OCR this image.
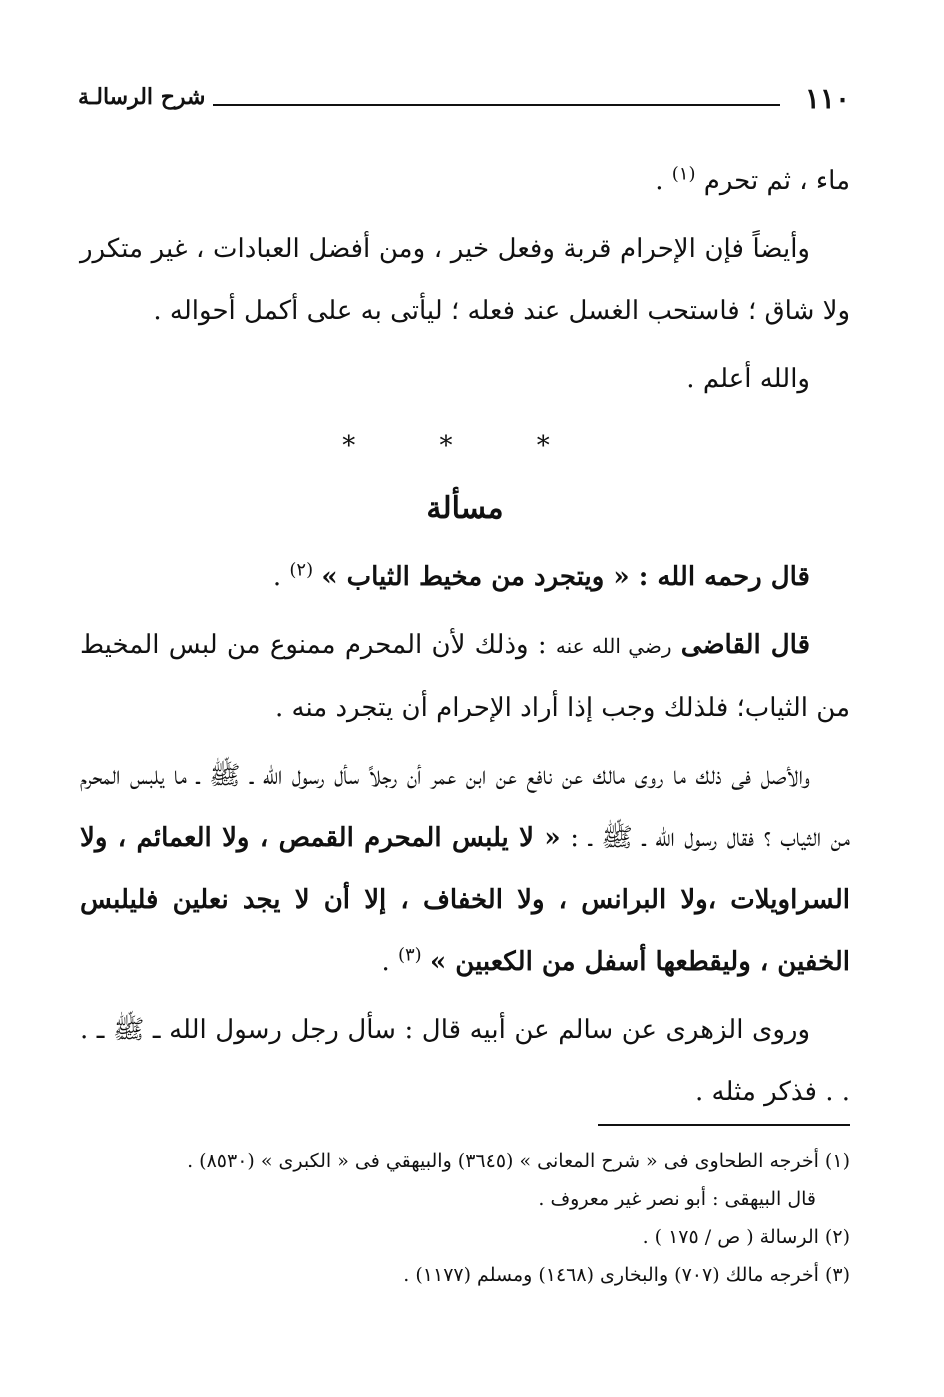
١١٠
شرح الرسالـة

ماء ، ثم تحرم $^{(١)}$ .

وأيضاً فإن الإحرام قربة وفعل خير ، ومن أفضل العبادات ، غير متكرر ولا شاق ؛ فاستحب الغسل عند فعله ؛ ليأتى به على أكمل أحواله .

والله أعلم .

* * *
مسألة

قال رحمه الله : « ويتجرد من مخيط الثياب » $^{(٢)}$ .

قال القاضى رضي الله عنه : وذلك لأن المحرم ممنوع من لبس المخيط من الثياب؛ فلذلك وجب إذا أراد الإحرام أن يتجرد منه .

والأصل فى ذلك ما روى مالك عن نافع عن ابن عمر أن رجلاً سأل رسول الله ـ ﷺ ـ ما يلبس المحرم من الثياب ؟ فقال رسول الله ـ ﷺ ـ : « لا يلبس المحرم القمص ، ولا العمائم ، ولا السراويلات ،ولا البرانس ، ولا الخفاف ، إلا أن لا يجد نعلين فليلبس الخفين ، وليقطعها أسفل من الكعبين » $^{(٣)}$ .

وروى الزهرى عن سالم عن أبيه قال : سأل رجل رسول الله ـ ﷺ ـ . . . فذكر مثله .

(١) أخرجه الطحاوى فى « شرح المعانى » (٣٦٤٥) والبيهقي فى « الكبرى » (٨٥٣٠) .
قال البيهقى : أبو نصر غير معروف .
(٢) الرسالة ( ص / ١٧٥ ) .
(٣) أخرجه مالك (٧٠٧) والبخارى (١٤٦٨) ومسلم (١١٧٧) .
